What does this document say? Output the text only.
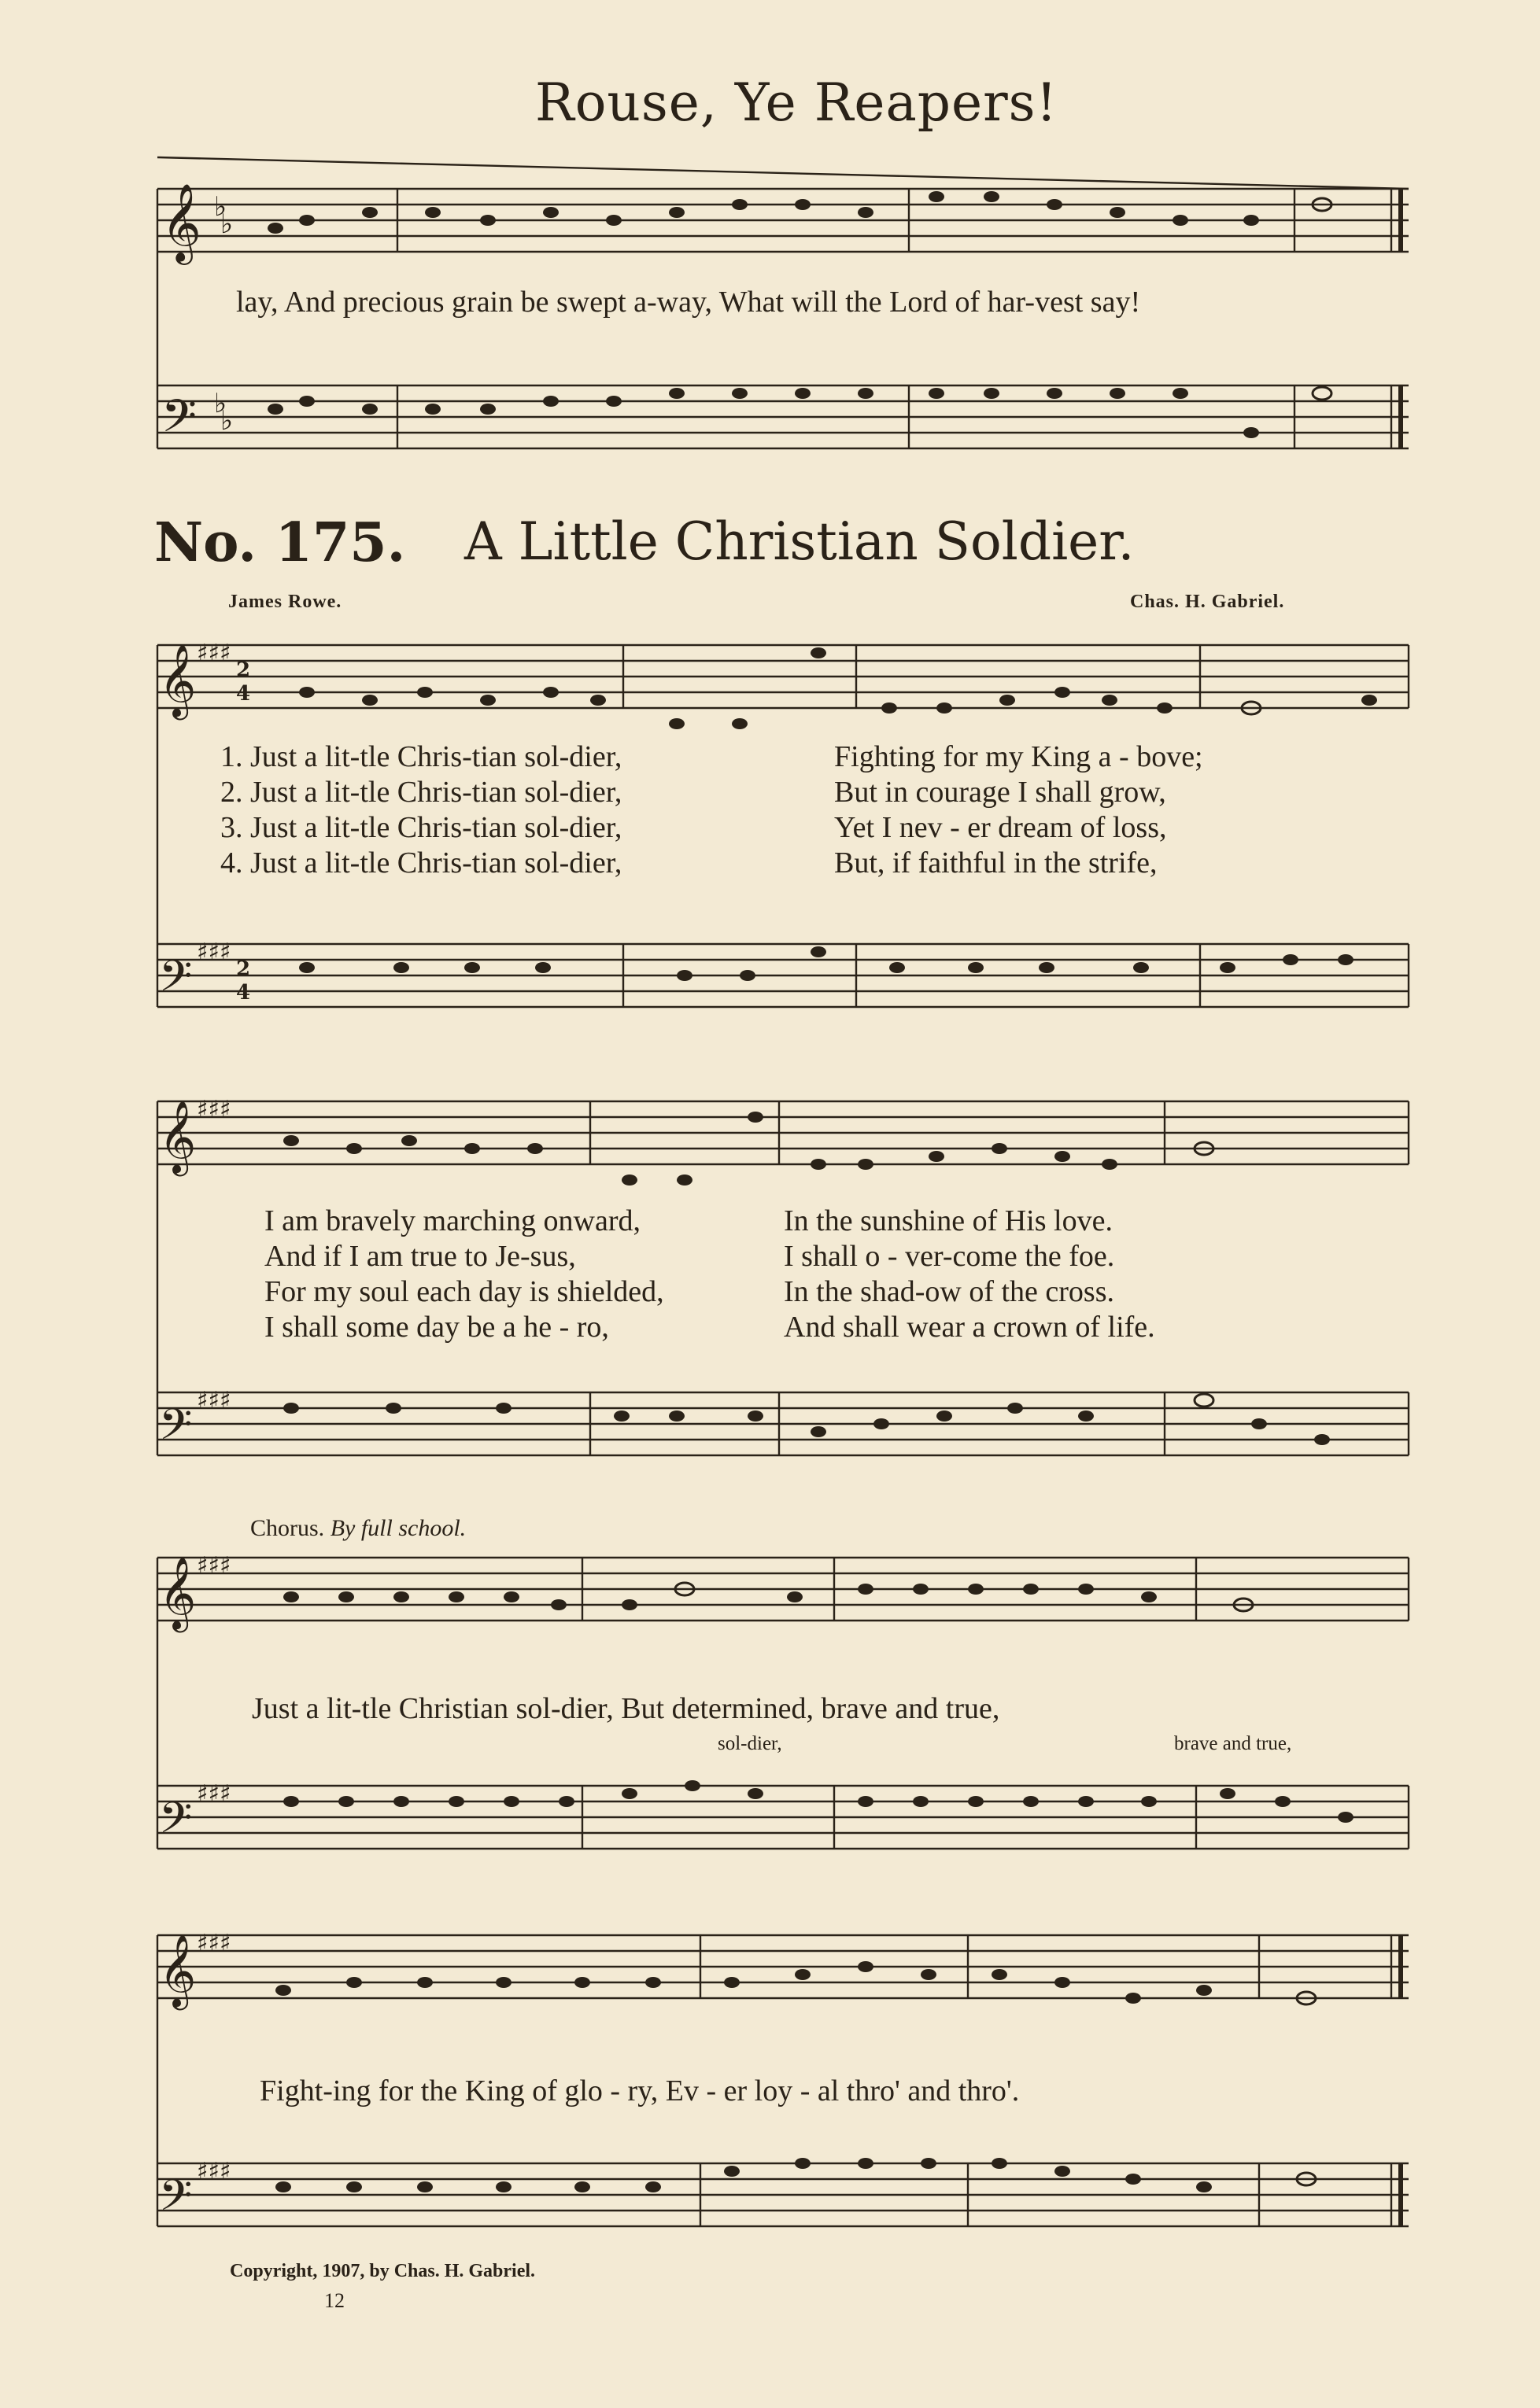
Rouse, Ye Reapers!
𝄞
𝄢
♭
♭
♭
♭
lay, And precious grain be swept a-way, What will the Lord of har-vest say!
No. 175. A Little Christian Soldier.
James Rowe.	Chas. H. Gabriel.
𝄞
𝄢
♯♯♯
♯♯♯
2
4
2
4
1. Just a lit-tle Chris-tian sol-dier,
2. Just a lit-tle Chris-tian sol-dier,
3. Just a lit-tle Chris-tian sol-dier,
4. Just a lit-tle Chris-tian sol-dier,
Fighting for my King a - bove;
But in courage I shall grow,
Yet I nev - er dream of loss,
But, if faithful in the strife,
𝄞
𝄢
♯♯♯
♯♯♯
I am bravely marching onward,
And if I am true to Je-sus,
For my soul each day is shielded,
I shall some day be a he - ro,
In the sunshine of His love.
I shall o - ver-come the foe.
In the shad-ow of the cross.
And shall wear a crown of life.
Chorus. By full school.
𝄞
𝄢
♯♯♯
♯♯♯
Just a lit-tle Christian sol-dier, But determined, brave and true,
sol-dier,	brave and true,
𝄞
𝄢
♯♯♯
♯♯♯
Fight-ing for the King of glo - ry, Ev - er loy - al thro' and thro'.
Copyright, 1907, by Chas. H. Gabriel.
12
